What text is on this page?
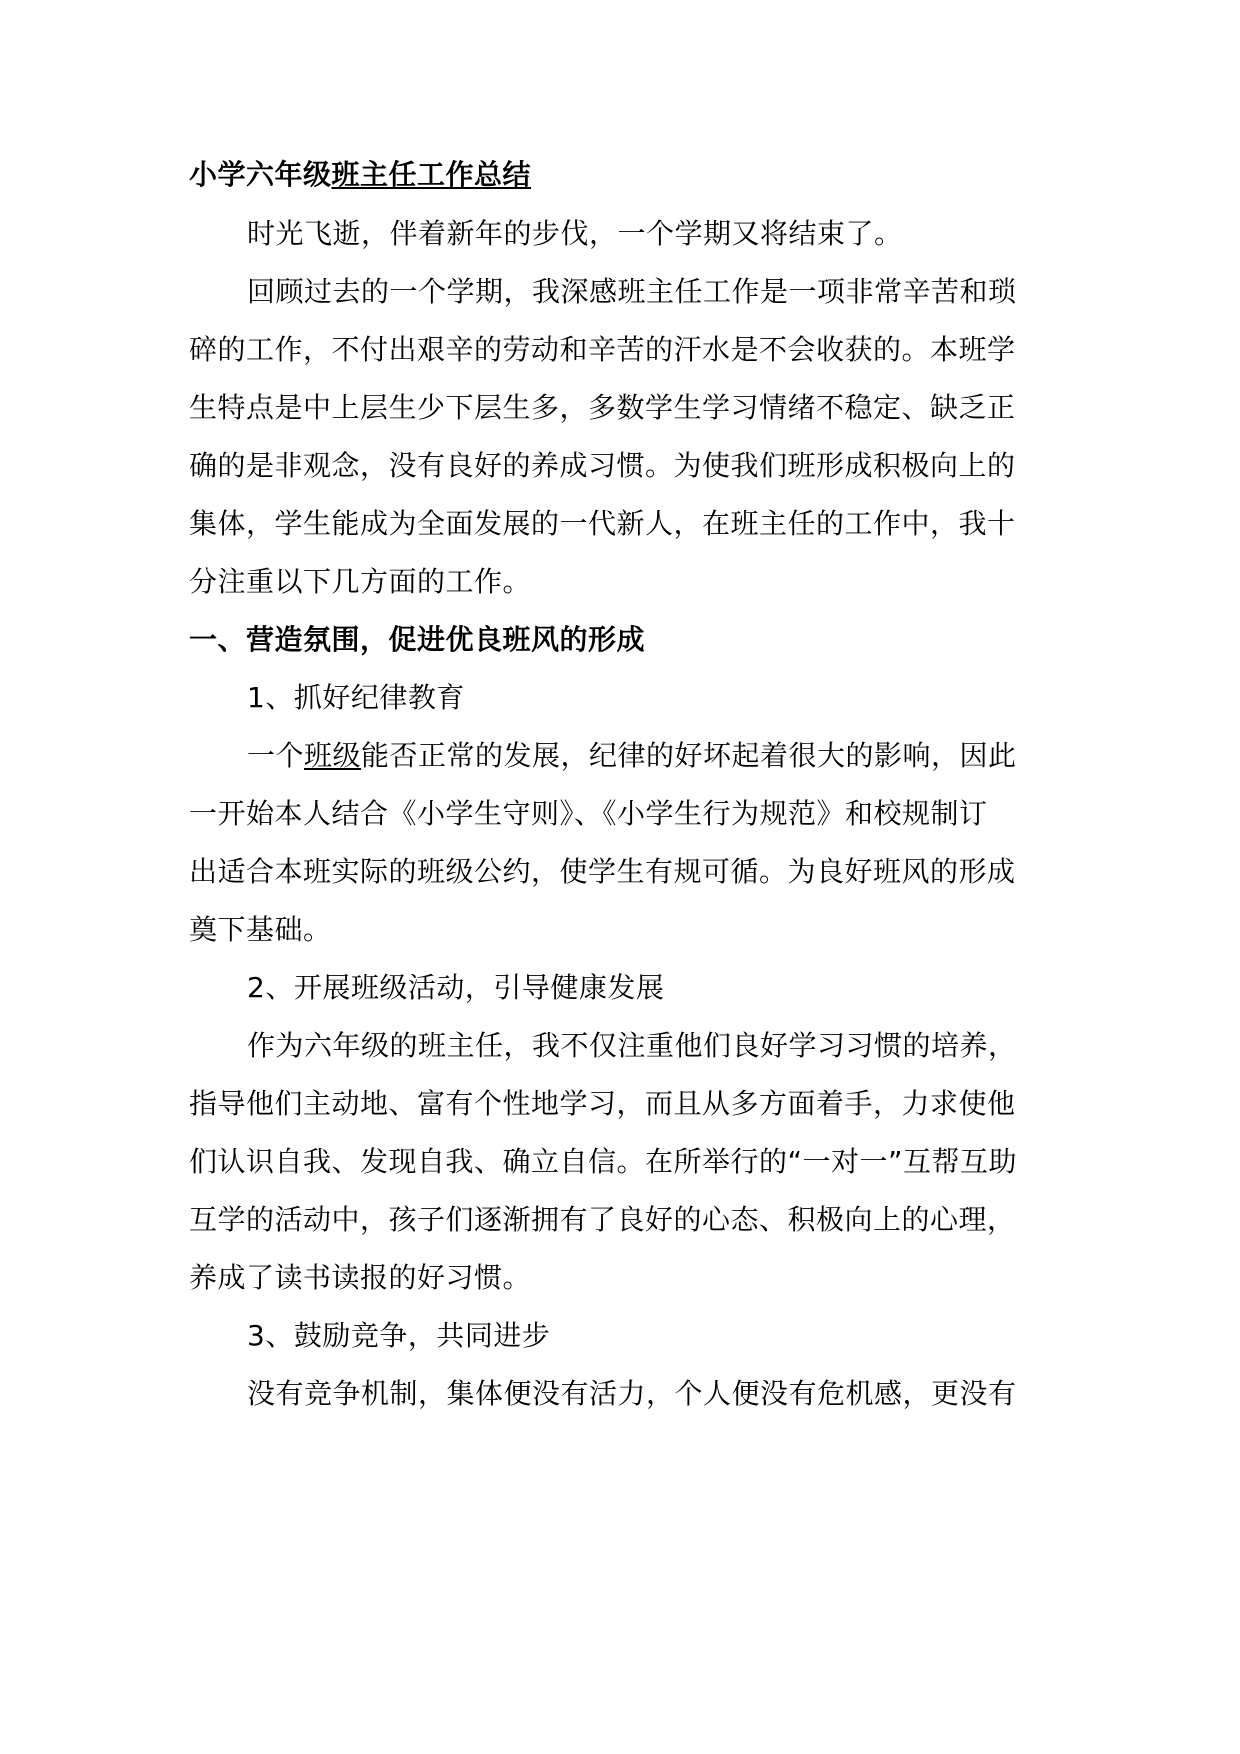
小学六年级班主任工作总结
时光飞逝，伴着新年的步伐，一个学期又将结束了。
回顾过去的一个学期，我深感班主任工作是一项非常辛苦和琐
碎的工作，不付出艰辛的劳动和辛苦的汗水是不会收获的。本班学
生特点是中上层生少下层生多，多数学生学习情绪不稳定、缺乏正
确的是非观念，没有良好的养成习惯。为使我们班形成积极向上的
集体，学生能成为全面发展的一代新人，在班主任的工作中，我十
分注重以下几方面的工作。
一、营造氛围，促进优良班风的形成
1、抓好纪律教育
一个班级能否正常的发展，纪律的好坏起着很大的影响，因此
一开始本人结合《小学生守则》、《小学生行为规范》和校规制订
出适合本班实际的班级公约，使学生有规可循。为良好班风的形成
奠下基础。
2、开展班级活动，引导健康发展
作为六年级的班主任，我不仅注重他们良好学习习惯的培养，
指导他们主动地、富有个性地学习，而且从多方面着手，力求使他
们认识自我、发现自我、确立自信。在所举行的“一对一”互帮互助
互学的活动中，孩子们逐渐拥有了良好的心态、积极向上的心理，
养成了读书读报的好习惯。
3、鼓励竞争，共同进步
没有竞争机制，集体便没有活力，个人便没有危机感，更没有
